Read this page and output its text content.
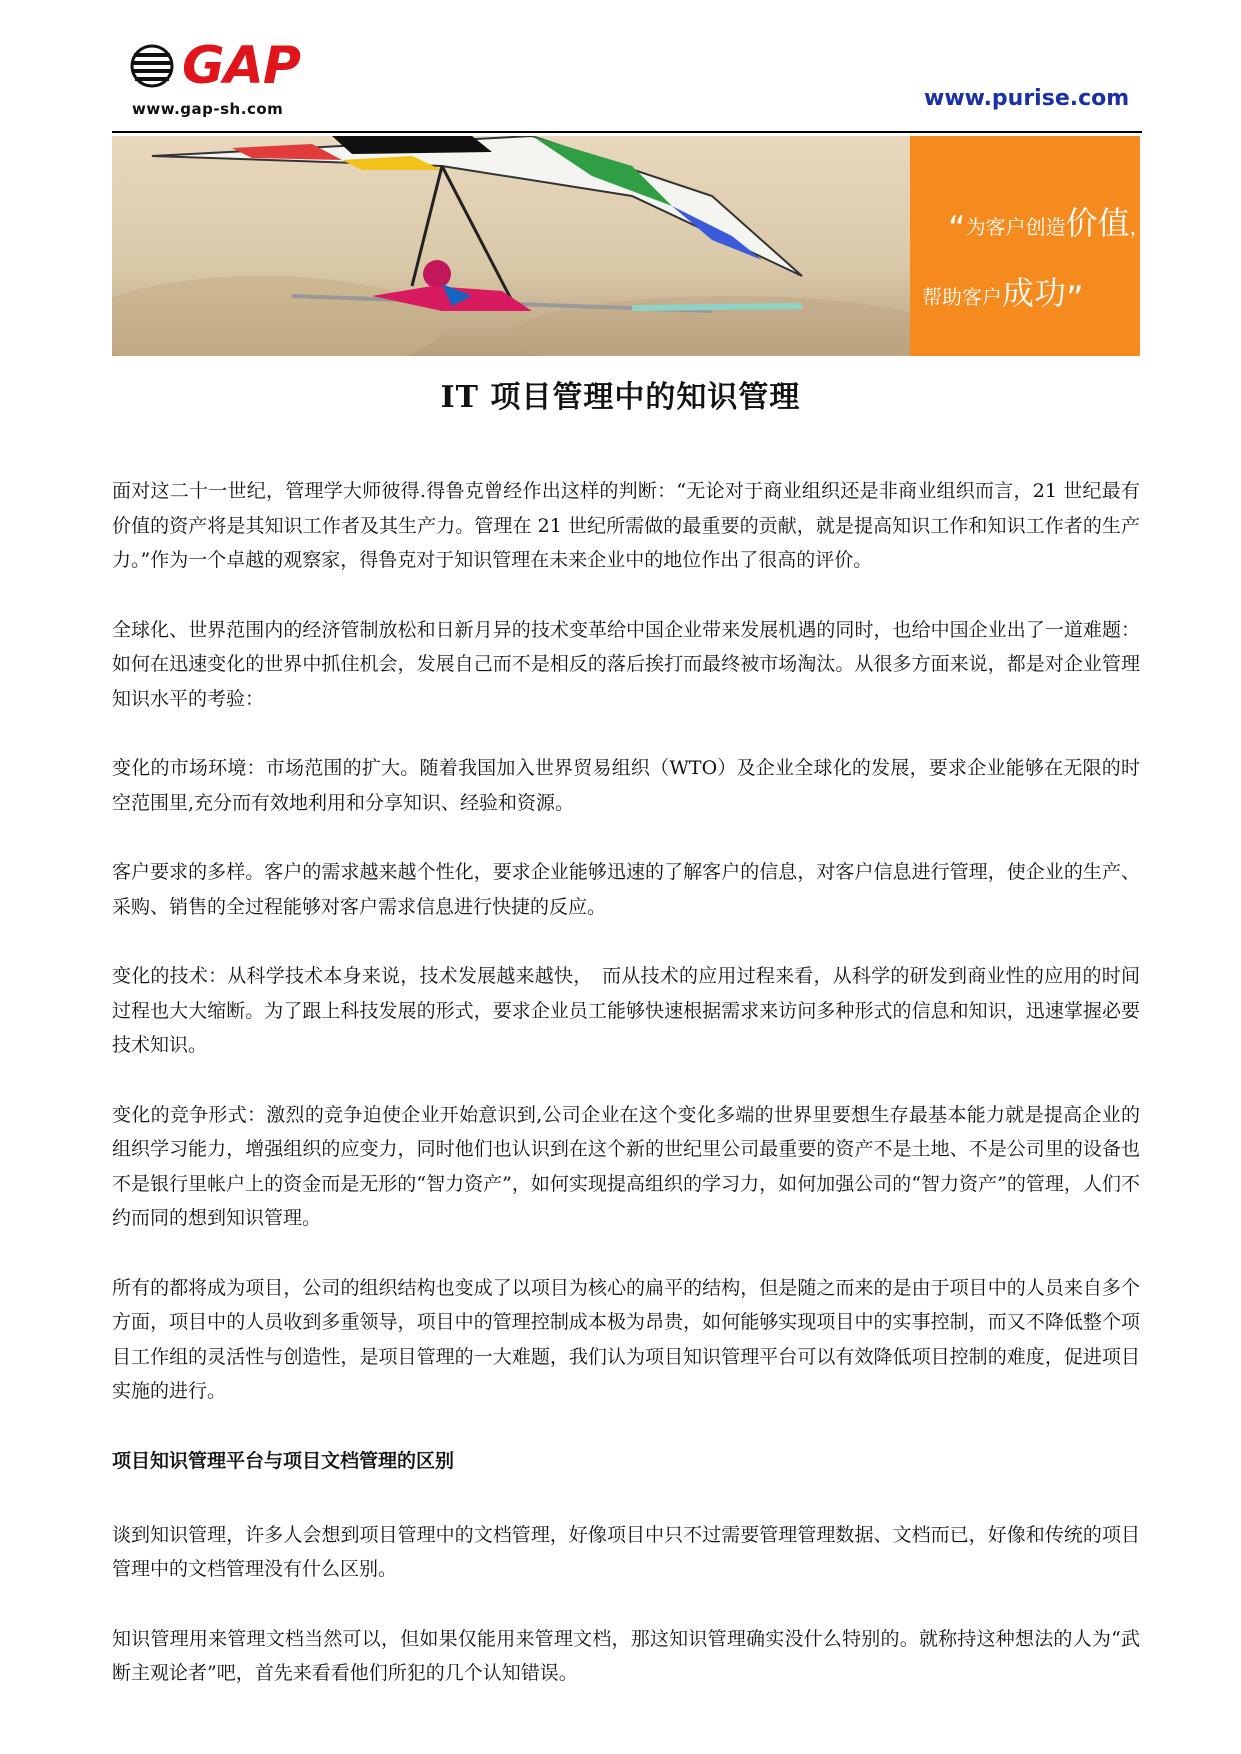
GAP
www.gap-sh.com	www.purise.com
“为客户创造价值，
帮助客户成功”
IT 项目管理中的知识管理

面对这二十一世纪，管理学大师彼得.得鲁克曾经作出这样的判断：“无论对于商业组织还是非商业组织而言，21 世纪最有价值的资产将是其知识工作者及其生产力。管理在 21 世纪所需做的最重要的贡献，就是提高知识工作和知识工作者的生产力。”作为一个卓越的观察家，得鲁克对于知识管理在未来企业中的地位作出了很高的评价。

全球化、世界范围内的经济管制放松和日新月异的技术变革给中国企业带来发展机遇的同时，也给中国企业出了一道难题：如何在迅速变化的世界中抓住机会，发展自己而不是相反的落后挨打而最终被市场淘汰。从很多方面来说，都是对企业管理知识水平的考验：

变化的市场环境：市场范围的扩大。随着我国加入世界贸易组织（WTO）及企业全球化的发展，要求企业能够在无限的时空范围里,充分而有效地利用和分享知识、经验和资源。

客户要求的多样。客户的需求越来越个性化，要求企业能够迅速的了解客户的信息，对客户信息进行管理，使企业的生产、采购、销售的全过程能够对客户需求信息进行快捷的反应。

变化的技术：从科学技术本身来说，技术发展越来越快，　而从技术的应用过程来看，从科学的研发到商业性的应用的时间过程也大大缩断。为了跟上科技发展的形式，要求企业员工能够快速根据需求来访问多种形式的信息和知识，迅速掌握必要技术知识。

变化的竞争形式：激烈的竞争迫使企业开始意识到,公司企业在这个变化多端的世界里要想生存最基本能力就是提高企业的组织学习能力，增强组织的应变力，同时他们也认识到在这个新的世纪里公司最重要的资产不是土地、不是公司里的设备也不是银行里帐户上的资金而是无形的“智力资产”，如何实现提高组织的学习力，如何加强公司的“智力资产”的管理，人们不约而同的想到知识管理。

所有的都将成为项目，公司的组织结构也变成了以项目为核心的扁平的结构，但是随之而来的是由于项目中的人员来自多个方面，项目中的人员收到多重领导，项目中的管理控制成本极为昂贵，如何能够实现项目中的实事控制，而又不降低整个项目工作组的灵活性与创造性，是项目管理的一大难题，我们认为项目知识管理平台可以有效降低项目控制的难度，促进项目实施的进行。

项目知识管理平台与项目文档管理的区别

谈到知识管理，许多人会想到项目管理中的文档管理，好像项目中只不过需要管理管理数据、文档而已，好像和传统的项目管理中的文档管理没有什么区别。

知识管理用来管理文档当然可以，但如果仅能用来管理文档，那这知识管理确实没什么特别的。就称持这种想法的人为“武断主观论者”吧，首先来看看他们所犯的几个认知错误。
